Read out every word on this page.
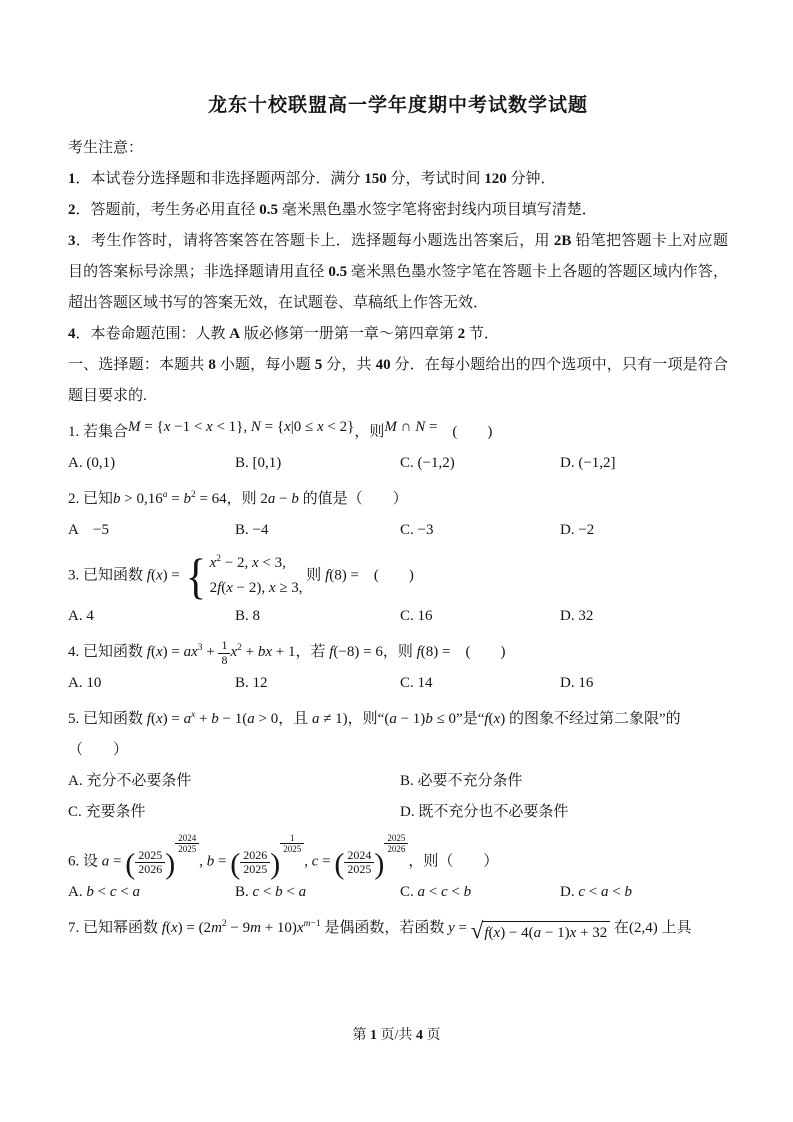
龙东十校联盟高一学年度期中考试数学试题

考生注意：

1．本试卷分选择题和非选择题两部分．满分 150 分，考试时间 120 分钟．

2．答题前，考生务必用直径 0.5 毫米黑色墨水签字笔将密封线内项目填写清楚．

3．考生作答时，请将答案答在答题卡上．选择题每小题选出答案后，用 2B 铅笔把答题卡上对应题目的答案标号涂黑；非选择题请用直径 0.5 毫米黑色墨水签字笔在答题卡上各题的答题区域内作答，超出答题区域书写的答案无效，在试题卷、草稿纸上作答无效．

4．本卷命题范围：人教 A 版必修第一册第一章～第四章第 2 节．

一、选择题：本题共 8 小题，每小题 5 分，共 40 分．在每小题给出的四个选项中，只有一项是符合题目要求的.

1. 若集合M = {x −1 < x < 1}, N = {x|0 ≤ x < 2}，则M ∩ N =　(　　)

A. (0,1)	B. [0,1)	C. (−1,2)	D. (−1,2]

2. 已知b > 0,16a = b2 = 64，则 2a − b 的值是（　　）

A　−5	B. −4	C. −3	D. −2

3. 已知函数 f(x) = { x2 − 2, x < 3,
2f(x − 2), x ≥ 3,
则 f(8) =　(　　)

A. 4	B. 8	C. 16	D. 32

4. 已知函数 $f(x) = ax3 + \frac{1}{8} x2$ + bx + 1，若 f(−8) = 6，则 f(8) =　(　　)

A. 10	B. 12	C. 14	D. 16

5. 已知函数 f(x) = ax + b − 1(a > 0，且 a ≠ 1)，则“(a − 1)b ≤ 0”是“f(x) 的图象不经过第二象限”的

（　　）

A. 充分不必要条件	B. 必要不充分条件
C. 充要条件	D. 既不充分也不必要条件

6. 设 a = ( $\frac{2025}{2026}$ )
$\frac{2024}{2025}$
, b = ( $\frac{2026}{2025}$ )
$\frac{1}{2025}$
, c = ( $\frac{2024}{2025}$ )
$\frac{2025}{2026}$
，则（　　）

A. b < c < a	B. c < b < a	C. a < c < b	D. c < a < b

7. 已知幂函数 f(x) = (2m2 − 9m + 10)xm−1 是偶函数，若函数 y = √ f(x) − 4(a − 1)x + 32 在(2,4) 上具

第 1 页/共 4 页
